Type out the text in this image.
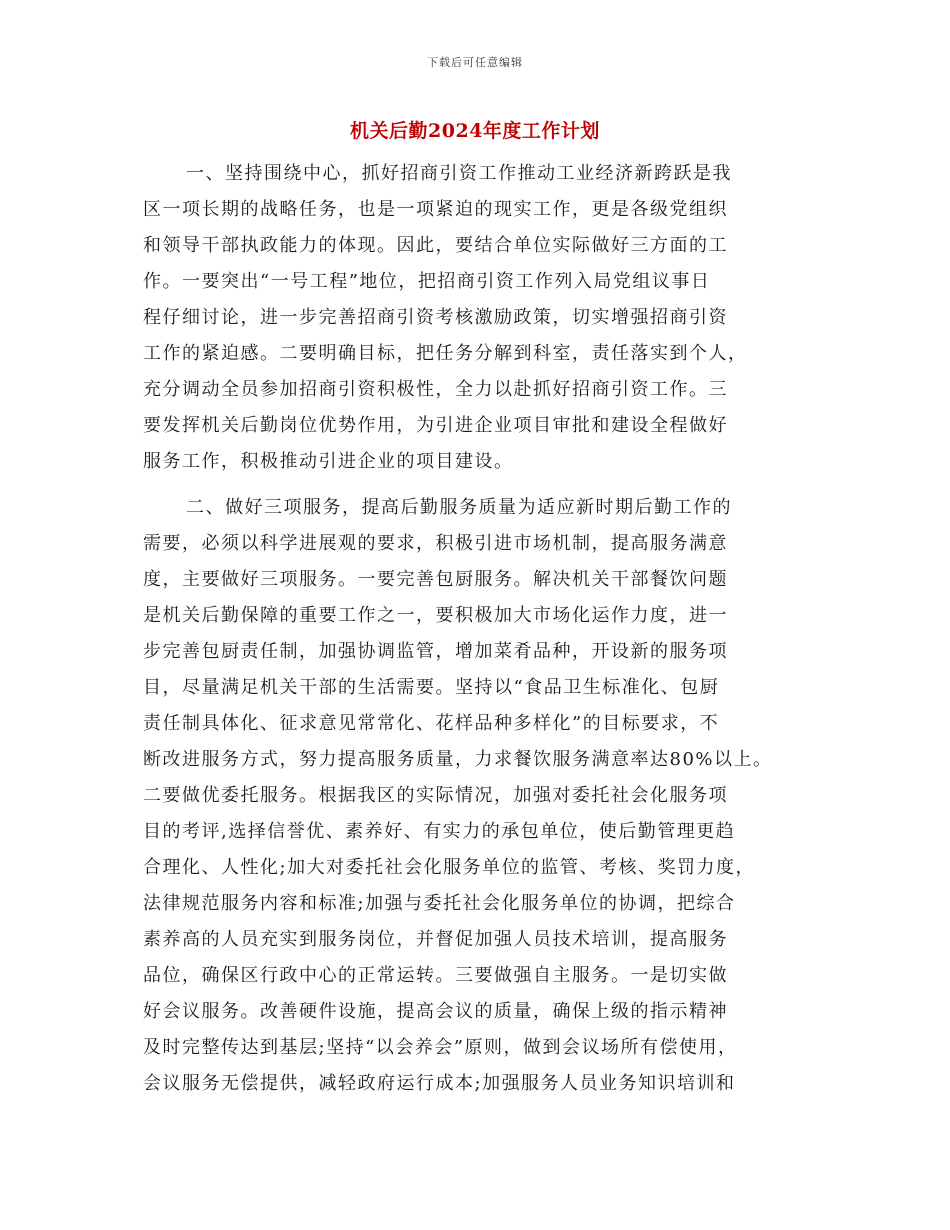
下载后可任意编辑
机关后勤2024年度工作计划
一、坚持围绕中心，抓好招商引资工作推动工业经济新跨跃是我
区一项长期的战略任务，也是一项紧迫的现实工作，更是各级党组织
和领导干部执政能力的体现。因此，要结合单位实际做好三方面的工
作。一要突出“一号工程”地位，把招商引资工作列入局党组议事日
程仔细讨论，进一步完善招商引资考核激励政策，切实增强招商引资
工作的紧迫感。二要明确目标，把任务分解到科室，责任落实到个人，
充分调动全员参加招商引资积极性，全力以赴抓好招商引资工作。三
要发挥机关后勤岗位优势作用，为引进企业项目审批和建设全程做好
服务工作，积极推动引进企业的项目建设。
二、做好三项服务，提高后勤服务质量为适应新时期后勤工作的
需要，必须以科学进展观的要求，积极引进市场机制，提高服务满意
度，主要做好三项服务。一要完善包厨服务。解决机关干部餐饮问题
是机关后勤保障的重要工作之一，要积极加大市场化运作力度，进一
步完善包厨责任制，加强协调监管，增加菜肴品种，开设新的服务项
目，尽量满足机关干部的生活需要。坚持以“食品卫生标准化、包厨
责任制具体化、征求意见常常化、花样品种多样化”的目标要求，不
断改进服务方式，努力提高服务质量，力求餐饮服务满意率达80%以上。
二要做优委托服务。根据我区的实际情况，加强对委托社会化服务项
目的考评,选择信誉优、素养好、有实力的承包单位，使后勤管理更趋
合理化、人性化;加大对委托社会化服务单位的监管、考核、奖罚力度，
法律规范服务内容和标准;加强与委托社会化服务单位的协调，把综合
素养高的人员充实到服务岗位，并督促加强人员技术培训，提高服务
品位，确保区行政中心的正常运转。三要做强自主服务。一是切实做
好会议服务。改善硬件设施，提高会议的质量，确保上级的指示精神
及时完整传达到基层;坚持“以会养会”原则，做到会议场所有偿使用，
会议服务无偿提供，减轻政府运行成本;加强服务人员业务知识培训和
